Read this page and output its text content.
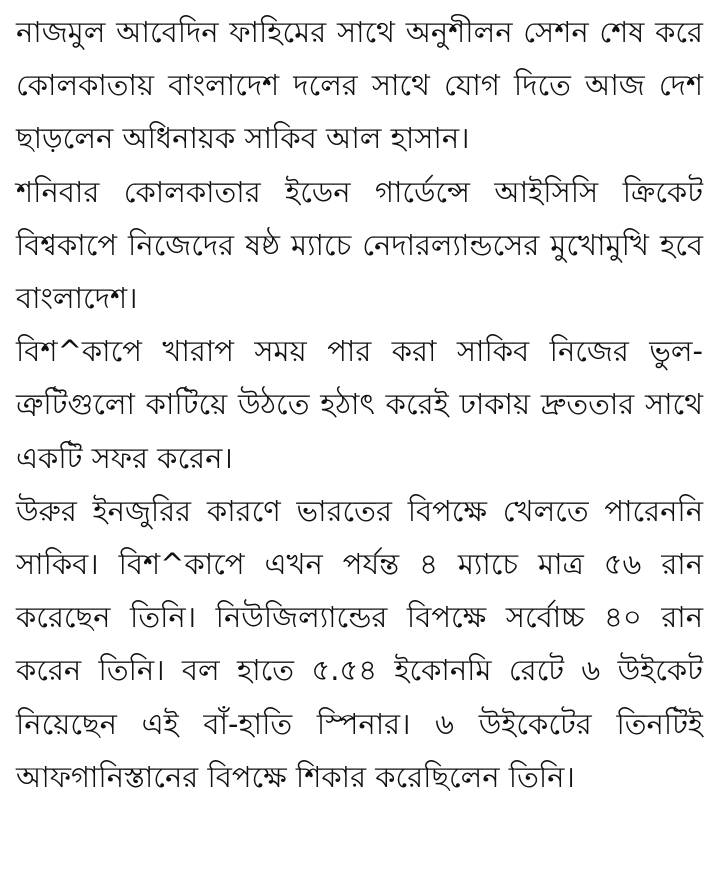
নাজমুল আবেদিন ফাহিমের সাথে অনুশীলন সেশন শেষ করে কোলকাতায় বাংলাদেশ দলের সাথে যোগ দিতে আজ দেশ ছাড়লেন অধিনায়ক সাকিব আল হাসান।

শনিবার কোলকাতার ইডেন গার্ডেন্সে আইসিসি ক্রিকেট বিশ্বকাপে নিজেদের ষষ্ঠ ম্যাচে নেদারল্যান্ডসের মুখোমুখি হবে বাংলাদেশ।

বিশ^কাপে খারাপ সময় পার করা সাকিব নিজের ভুল-ত্রুটিগুলো কাটিয়ে উঠতে হঠাৎ করেই ঢাকায় দ্রুততার সাথে একটি সফর করেন।

উরুর ইনজুরির কারণে ভারতের বিপক্ষে খেলতে পারেননি সাকিব। বিশ^কাপে এখন পর্যন্ত ৪ ম্যাচে মাত্র ৫৬ রান করেছেন তিনি। নিউজিল্যান্ডের বিপক্ষে সর্বোচ্চ ৪০ রান করেন তিনি। বল হাতে ৫.৫৪ ইকোনমি রেটে ৬ উইকেট নিয়েছেন এই বাঁ-হাতি স্পিনার। ৬ উইকেটের তিনটিই আফগানিস্তানের বিপক্ষে শিকার করেছিলেন তিনি।
